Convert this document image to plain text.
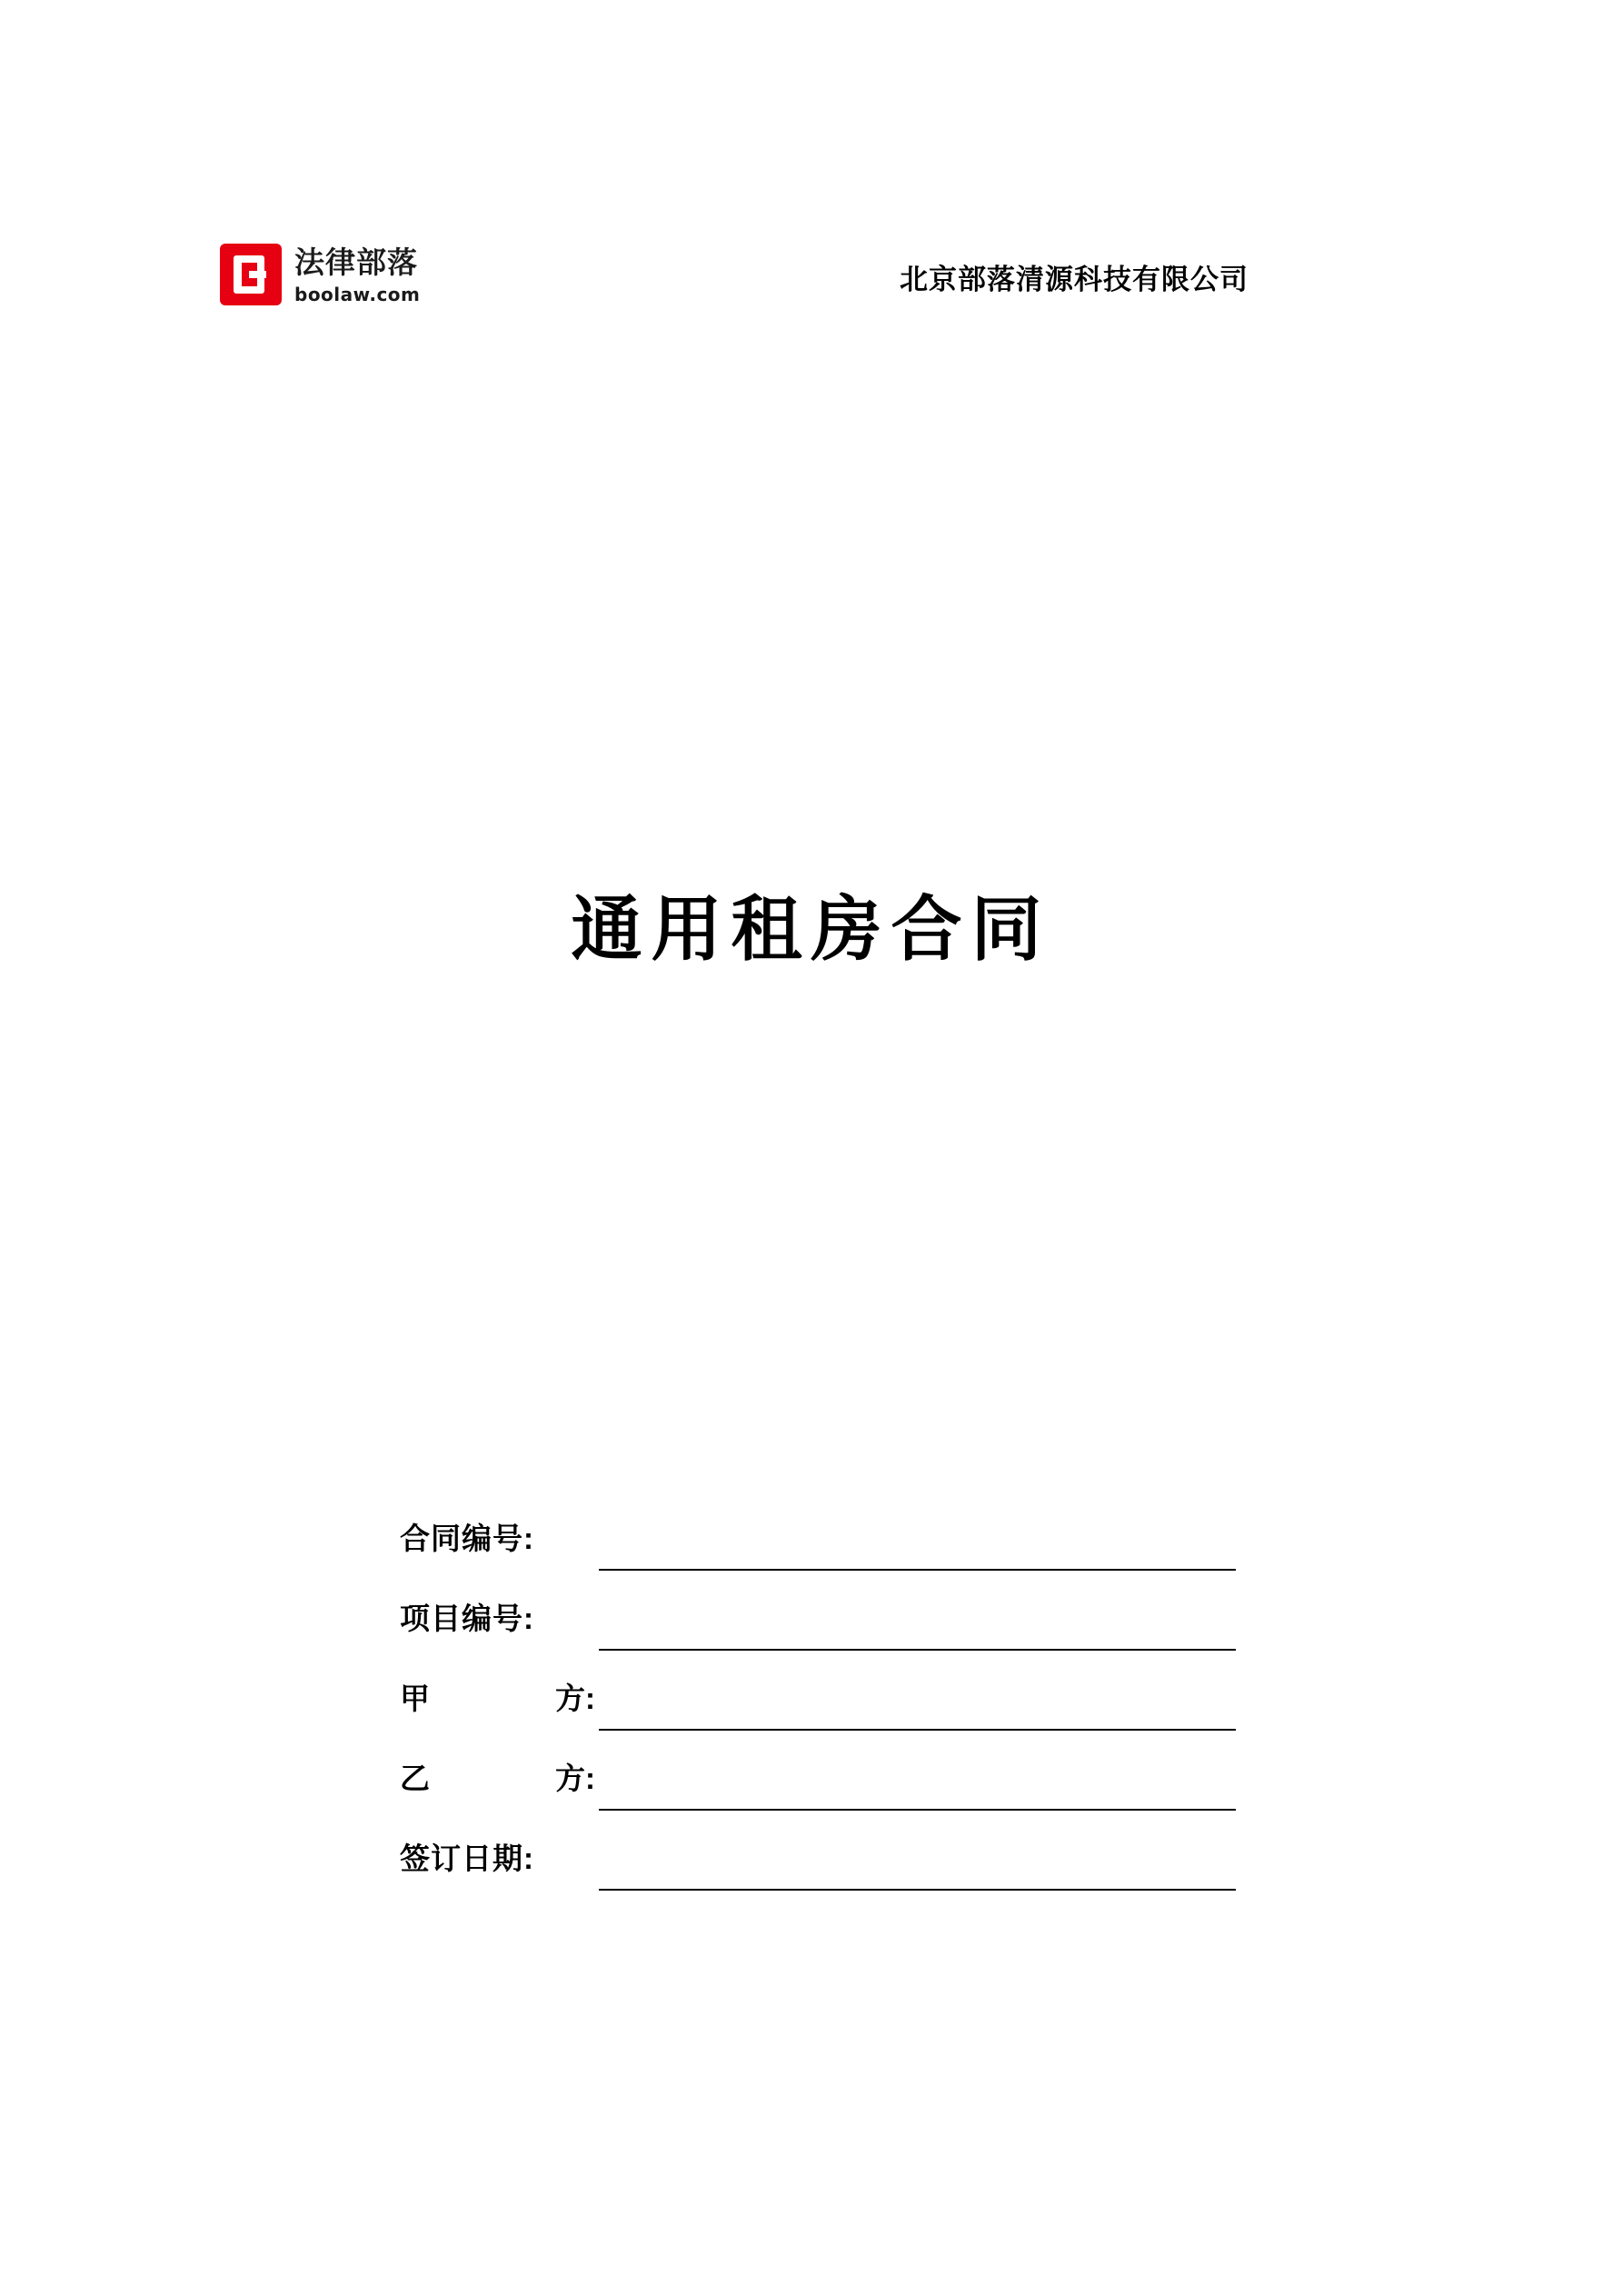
法律部落
boolaw.com	北京部落清源科技有限公司
通用租房合同
合同编号:
项目编号:
甲	方:
乙	方:
签订日期:
